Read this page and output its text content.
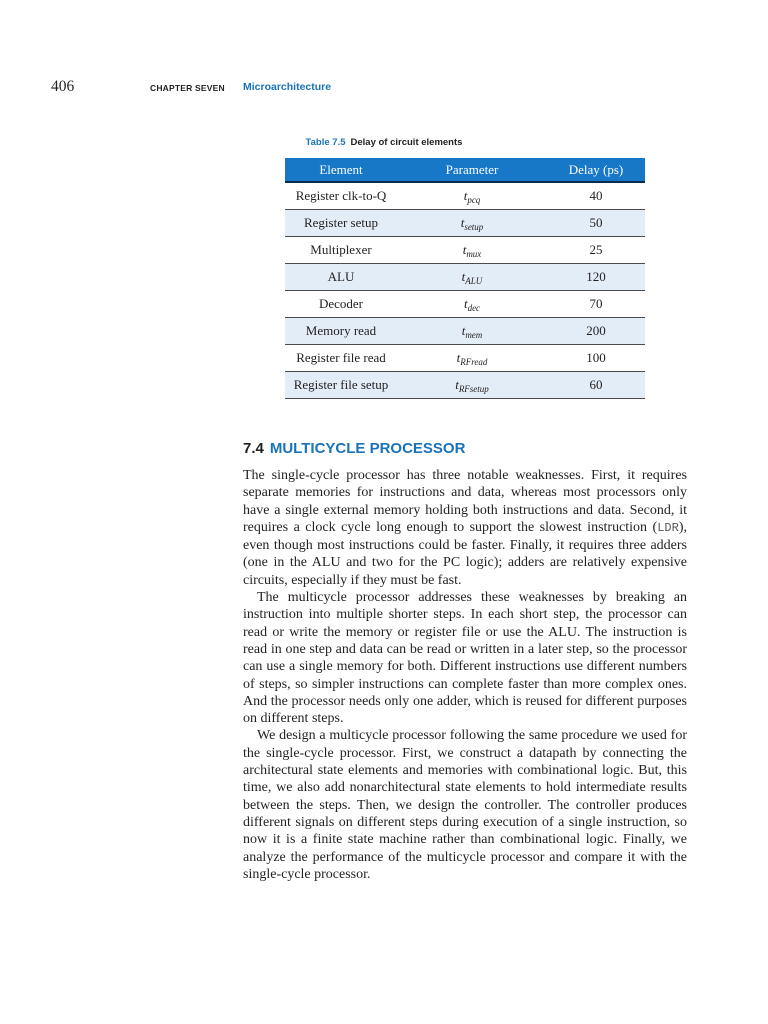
406	CHAPTER SEVEN Microarchitecture
Table 7.5 Delay of circuit elements
Element	Parameter	Delay (ps)
Register clk-to-Q	$t_{pcq}$	40
Register setup	$t_{setup}$	50
Multiplexer	$t_{mux}$	25
ALU	$t_{ALU}$	120
Decoder	$t_{dec}$	70
Memory read	$t_{mem}$	200
Register file read	$t_{RFread}$	100
Register file setup	$t_{RFsetup}$	60
7.4 MULTICYCLE PROCESSOR

The single-cycle processor has three notable weaknesses. First, it requires separate memories for instructions and data, whereas most processors only have a single external memory holding both instructions and data. Second, it requires a clock cycle long enough to support the slowest instruction (LDR), even though most instructions could be faster. Finally, it requires three adders (one in the ALU and two for the PC logic); adders are relatively expensive circuits, especially if they must be fast.

The multicycle processor addresses these weaknesses by breaking an instruction into multiple shorter steps. In each short step, the processor can read or write the memory or register file or use the ALU. The instruction is read in one step and data can be read or written in a later step, so the processor can use a single memory for both. Different instructions use different numbers of steps, so simpler instructions can complete faster than more complex ones. And the processor needs only one adder, which is reused for different purposes on different steps.

We design a multicycle processor following the same procedure we used for the single-cycle processor. First, we construct a datapath by connecting the architectural state elements and memories with combinational logic. But, this time, we also add nonarchitectural state elements to hold intermediate results between the steps. Then, we design the controller. The controller produces different signals on different steps during execution of a single instruction, so now it is a finite state machine rather than combinational logic. Finally, we analyze the performance of the multicycle processor and compare it with the single-cycle processor.
